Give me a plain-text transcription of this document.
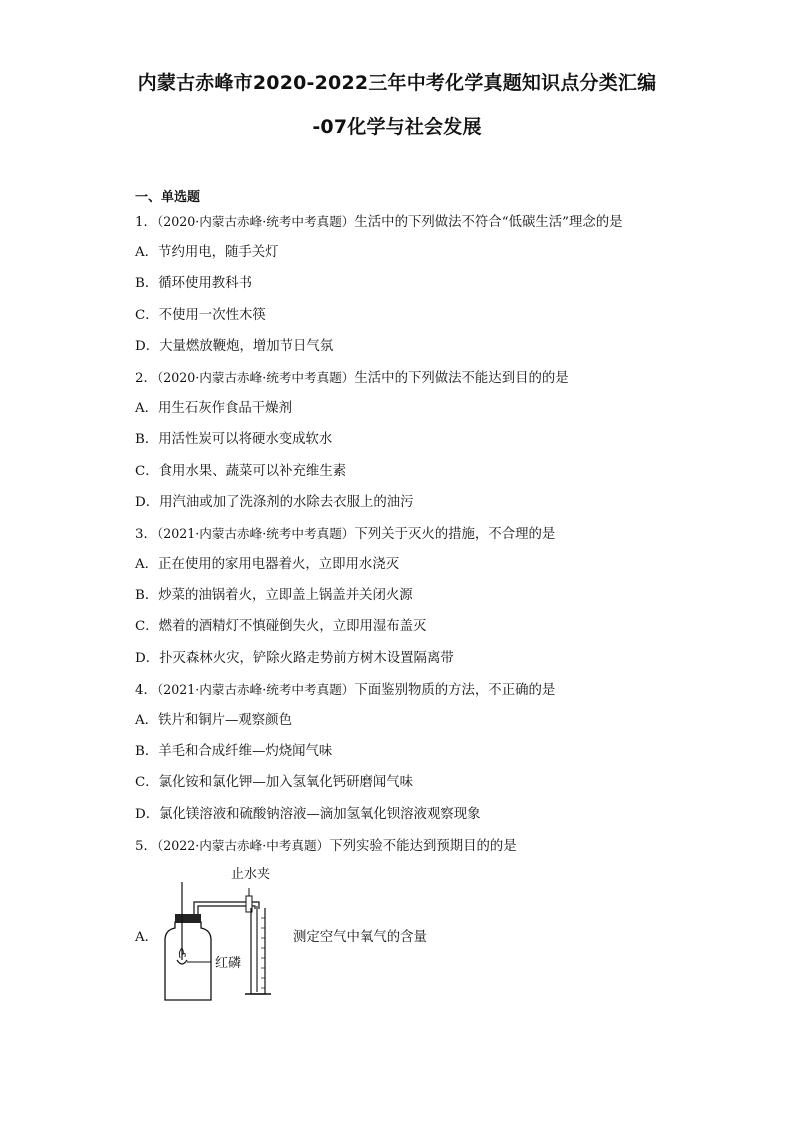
内蒙古赤峰市2020-2022三年中考化学真题知识点分类汇编
-07化学与社会发展
一、单选题
1．（2020·内蒙古赤峰·统考中考真题）生活中的下列做法不符合“低碳生活”理念的是
A．节约用电，随手关灯
B．循环使用教科书
C．不使用一次性木筷
D．大量燃放鞭炮，增加节日气氛
2．（2020·内蒙古赤峰·统考中考真题）生活中的下列做法不能达到目的的是
A．用生石灰作食品干燥剂
B．用活性炭可以将硬水变成软水
C．食用水果、蔬菜可以补充维生素
D．用汽油或加了洗涤剂的水除去衣服上的油污
3．（2021·内蒙古赤峰·统考中考真题）下列关于灭火的措施，不合理的是
A．正在使用的家用电器着火，立即用水浇灭
B．炒菜的油锅着火，立即盖上锅盖并关闭火源
C．燃着的酒精灯不慎碰倒失火，立即用湿布盖灭
D．扑灭森林火灾，铲除火路走势前方树木设置隔离带
4．（2021·内蒙古赤峰·统考中考真题）下面鉴别物质的方法，不正确的是
A．铁片和铜片—观察颜色
B．羊毛和合成纤维—灼烧闻气味
C．氯化铵和氯化钾—加入氢氧化钙研磨闻气味
D．氯化镁溶液和硫酸钠溶液—滴加氢氧化钡溶液观察现象
5．（2022·内蒙古赤峰·中考真题）下列实验不能达到预期目的的是
A．
止水夹
红磷
测定空气中氧气的含量
